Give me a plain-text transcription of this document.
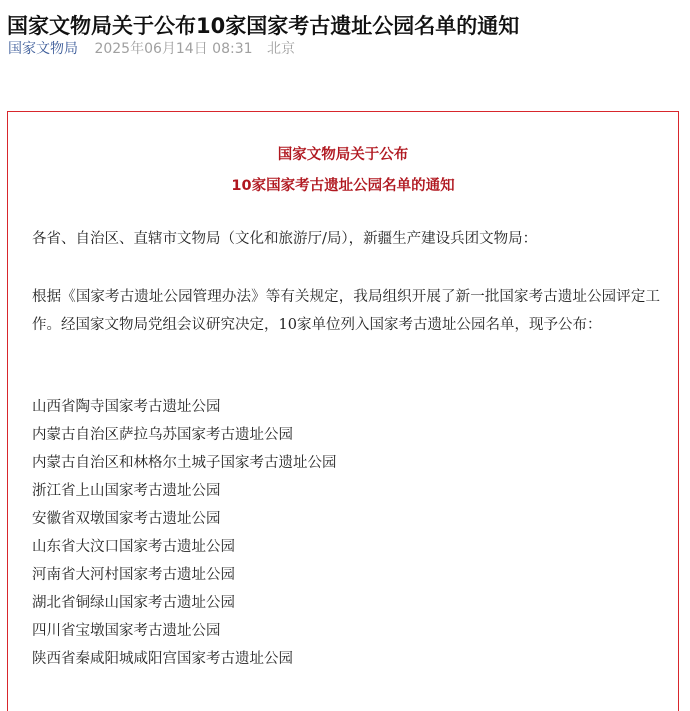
国家文物局关于公布10家国家考古遗址公园名单的通知
国家文物局 2025年06月14日 08:31 北京
国家文物局关于公布
10家国家考古遗址公园名单的通知
各省、自治区、直辖市文物局（文化和旅游厅/局），新疆生产建设兵团文物局：
根据《国家考古遗址公园管理办法》等有关规定，我局组织开展了新一批国家考古遗址公园评定工作。经国家文物局党组会议研究决定，10家单位列入国家考古遗址公园名单，现予公布：
山西省陶寺国家考古遗址公园
内蒙古自治区萨拉乌苏国家考古遗址公园
内蒙古自治区和林格尔土城子国家考古遗址公园
浙江省上山国家考古遗址公园
安徽省双墩国家考古遗址公园
山东省大汶口国家考古遗址公园
河南省大河村国家考古遗址公园
湖北省铜绿山国家考古遗址公园
四川省宝墩国家考古遗址公园
陕西省秦咸阳城咸阳宫国家考古遗址公园
